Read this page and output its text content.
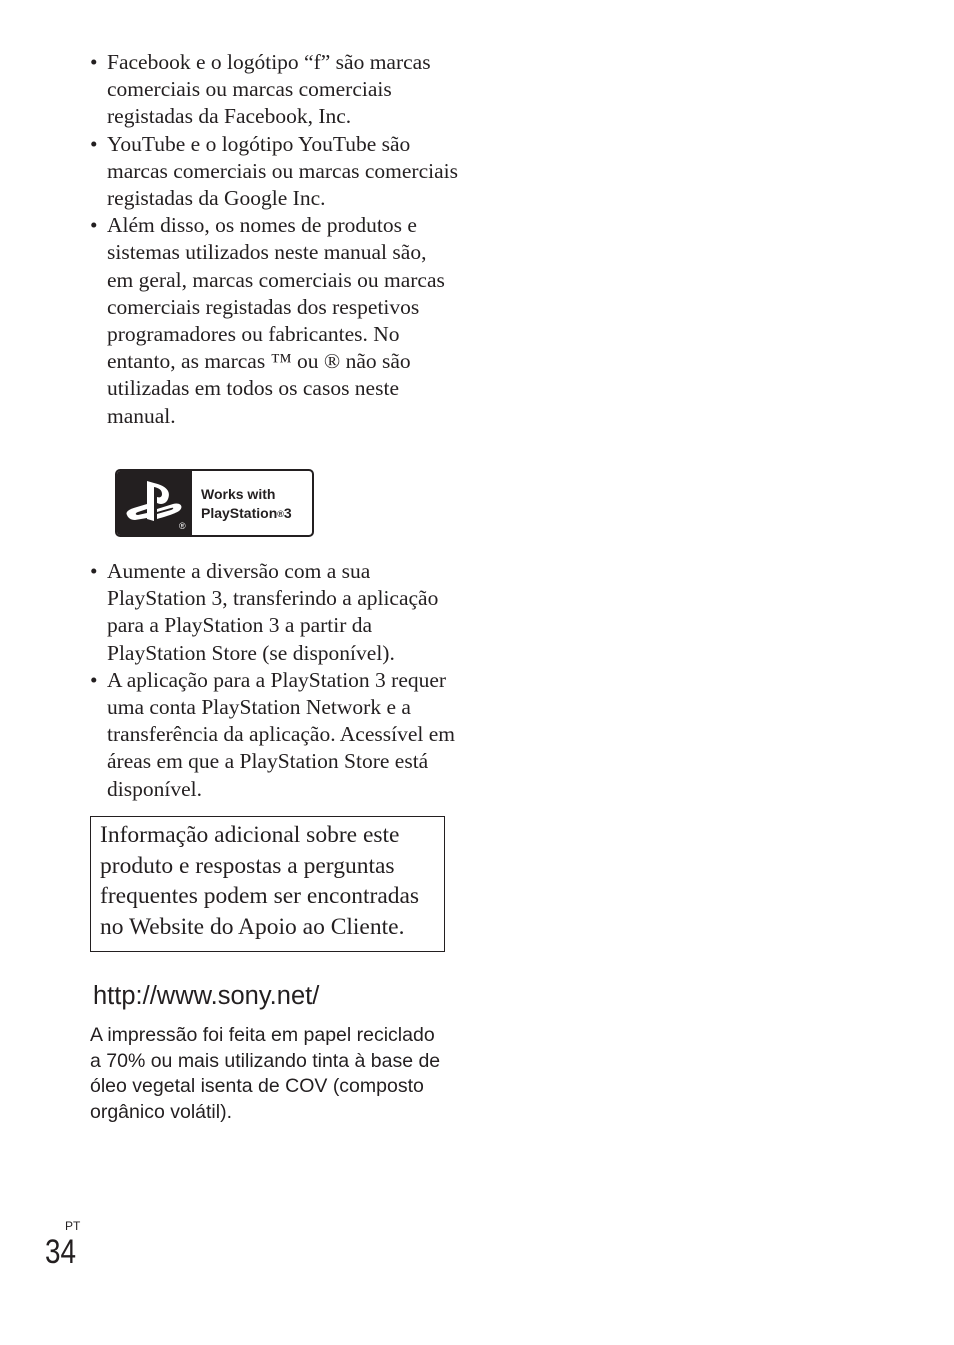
• Facebook e o logótipo “f” são marcas comerciais ou marcas comerciais registadas da Facebook, Inc.
• YouTube e o logótipo YouTube são marcas comerciais ou marcas comerciais registadas da Google Inc.
• Além disso, os nomes de produtos e sistemas utilizados neste manual são, em geral, marcas comerciais ou marcas comerciais registadas dos respetivos programadores ou fabricantes. No entanto, as marcas ™ ou ® não são utilizadas em todos os casos neste manual.
®
Works with
PlayStation®3
• Aumente a diversão com a sua PlayStation 3, transferindo a aplicação para a PlayStation 3 a partir da PlayStation Store (se disponível).
• A aplicação para a PlayStation 3 requer uma conta PlayStation Network e a transferência da aplicação. Acessível em áreas em que a PlayStation Store está disponível.
Informação adicional sobre este produto e respostas a perguntas frequentes podem ser encontradas no Website do Apoio ao Cliente.
http://www.sony.net/
A impressão foi feita em papel reciclado a 70% ou mais utilizando tinta à base de óleo vegetal isenta de COV (composto orgânico volátil).
PT
34
